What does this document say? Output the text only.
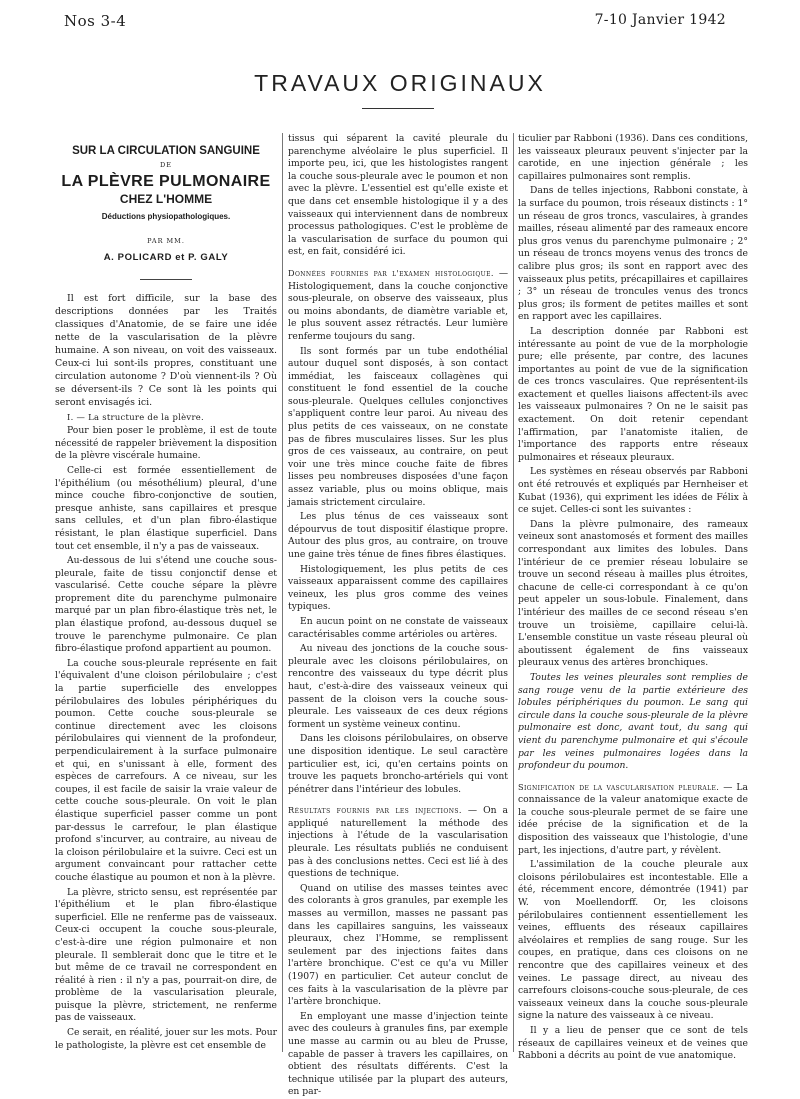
Nos 3-4	7-10 Janvier 1942
TRAVAUX ORIGINAUX
SUR LA CIRCULATION SANGUINE
DE
LA PLÈVRE PULMONAIRE
CHEZ L'HOMME
Déductions physiopathologiques.
PAR MM.
A. POLICARD et P. GALY

Il est fort difficile, sur la base des descriptions données par les Traités classiques d'Anatomie, de se faire une idée nette de la vascularisation de la plèvre humaine. A son niveau, on voit des vaisseaux. Ceux-ci lui sont-ils propres, constituant une circulation autonome ? D'où viennent-ils ? Où se déversent-ils ? Ce sont là les points qui seront envisagés ici.

I. — La structure de la plèvre.

Pour bien poser le problème, il est de toute nécessité de rappeler brièvement la disposition de la plèvre viscérale humaine.

Celle-ci est formée essentiellement de l'épithélium (ou mésothélium) pleural, d'une mince couche fibro-conjonctive de soutien, presque anhiste, sans capillaires et presque sans cellules, et d'un plan fibro-élastique résistant, le plan élastique superficiel. Dans tout cet ensemble, il n'y a pas de vaisseaux.

Au-dessous de lui s'étend une couche sous-pleurale, faite de tissu conjonctif dense et vascularisé. Cette couche sépare la plèvre proprement dite du parenchyme pulmonaire marqué par un plan fibro-élastique très net, le plan élastique profond, au-dessous duquel se trouve le parenchyme pulmonaire. Ce plan fibro-élastique profond appartient au poumon.

La couche sous-pleurale représente en fait l'équivalent d'une cloison périlobulaire ; c'est la partie superficielle des enveloppes périlobulaires des lobules périphériques du poumon. Cette couche sous-pleurale se continue directement avec les cloisons périlobulaires qui viennent de la profondeur, perpendiculairement à la surface pulmonaire et qui, en s'unissant à elle, forment des espèces de carrefours. A ce niveau, sur les coupes, il est facile de saisir la vraie valeur de cette couche sous-pleurale. On voit le plan élastique superficiel passer comme un pont par-dessus le carrefour, le plan élastique profond s'incurver, au contraire, au niveau de la cloison périlobulaire et la suivre. Ceci est un argument convaincant pour rattacher cette couche élastique au poumon et non à la plèvre.

La plèvre, stricto sensu, est représentée par l'épithélium et le plan fibro-élastique superficiel. Elle ne renferme pas de vaisseaux. Ceux-ci occupent la couche sous-pleurale, c'est-à-dire une région pulmonaire et non pleurale. Il semblerait donc que le titre et le but même de ce travail ne correspondent en réalité à rien : il n'y a pas, pourrait-on dire, de problème de la vascularisation pleurale, puisque la plèvre, strictement, ne renferme pas de vaisseaux.

Ce serait, en réalité, jouer sur les mots. Pour le pathologiste, la plèvre est cet ensemble de

tissus qui séparent la cavité pleurale du parenchyme alvéolaire le plus superficiel. Il importe peu, ici, que les histologistes rangent la couche sous-pleurale avec le poumon et non avec la plèvre. L'essentiel est qu'elle existe et que dans cet ensemble histologique il y a des vaisseaux qui interviennent dans de nombreux processus pathologiques. C'est le problème de la vascularisation de surface du poumon qui est, en fait, considéré ici.

Données fournies par l'examen histologique. — Histologiquement, dans la couche conjonctive sous-pleurale, on observe des vaisseaux, plus ou moins abondants, de diamètre variable et, le plus souvent assez rétractés. Leur lumière renferme toujours du sang.

Ils sont formés par un tube endothélial autour duquel sont disposés, à son contact immédiat, les faisceaux collagènes qui constituent le fond essentiel de la couche sous-pleurale. Quelques cellules conjonctives s'appliquent contre leur paroi. Au niveau des plus petits de ces vaisseaux, on ne constate pas de fibres musculaires lisses. Sur les plus gros de ces vaisseaux, au contraire, on peut voir une très mince couche faite de fibres lisses peu nombreuses disposées d'une façon assez variable, plus ou moins oblique, mais jamais strictement circulaire.

Les plus ténus de ces vaisseaux sont dépourvus de tout dispositif élastique propre. Autour des plus gros, au contraire, on trouve une gaine très ténue de fines fibres élastiques.

Histologiquement, les plus petits de ces vaisseaux apparaissent comme des capillaires veineux, les plus gros comme des veines typiques.

En aucun point on ne constate de vaisseaux caractérisables comme artérioles ou artères.

Au niveau des jonctions de la couche sous-pleurale avec les cloisons périlobulaires, on rencontre des vaisseaux du type décrit plus haut, c'est-à-dire des vaisseaux veineux qui passent de la cloison vers la couche sous-pleurale. Les vaisseaux de ces deux régions forment un système veineux continu.

Dans les cloisons périlobulaires, on observe une disposition identique. Le seul caractère particulier est, ici, qu'en certains points on trouve les paquets broncho-artériels qui vont pénétrer dans l'intérieur des lobules.

Résultats fournis par les injections. — On a appliqué naturellement la méthode des injections à l'étude de la vascularisation pleurale. Les résultats publiés ne conduisent pas à des conclusions nettes. Ceci est lié à des questions de technique.

Quand on utilise des masses teintes avec des colorants à gros granules, par exemple les masses au vermillon, masses ne passant pas dans les capillaires sanguins, les vaisseaux pleuraux, chez l'Homme, se remplissent seulement par des injections faites dans l'artère bronchique. C'est ce qu'a vu Miller (1907) en particulier. Cet auteur conclut de ces faits à la vascularisation de la plèvre par l'artère bronchique.

En employant une masse d'injection teinte avec des couleurs à granules fins, par exemple une masse au carmin ou au bleu de Prusse, capable de passer à travers les capillaires, on obtient des résultats différents. C'est la technique utilisée par la plupart des auteurs, en par-

ticulier par Rabboni (1936). Dans ces conditions, les vaisseaux pleuraux peuvent s'injecter par la carotide, en une injection générale ; les capillaires pulmonaires sont remplis.

Dans de telles injections, Rabboni constate, à la surface du poumon, trois réseaux distincts : 1° un réseau de gros troncs, vasculaires, à grandes mailles, réseau alimenté par des rameaux encore plus gros venus du parenchyme pulmonaire ; 2° un réseau de troncs moyens venus des troncs de calibre plus gros; ils sont en rapport avec des vaisseaux plus petits, précapillaires et capillaires ; 3° un réseau de troncules venus des troncs plus gros; ils forment de petites mailles et sont en rapport avec les capillaires.

La description donnée par Rabboni est intéressante au point de vue de la morphologie pure; elle présente, par contre, des lacunes importantes au point de vue de la signification de ces troncs vasculaires. Que représentent-ils exactement et quelles liaisons affectent-ils avec les vaisseaux pulmonaires ? On ne le saisit pas exactement. On doit retenir cependant l'affirmation, par l'anatomiste italien, de l'importance des rapports entre réseaux pulmonaires et réseaux pleuraux.

Les systèmes en réseau observés par Rabboni ont été retrouvés et expliqués par Hernheiser et Kubat (1936), qui expriment les idées de Félix à ce sujet. Celles-ci sont les suivantes :

Dans la plèvre pulmonaire, des rameaux veineux sont anastomosés et forment des mailles correspondant aux limites des lobules. Dans l'intérieur de ce premier réseau lobulaire se trouve un second réseau à mailles plus étroites, chacune de celle-ci correspondant à ce qu'on peut appeler un sous-lobule. Finalement, dans l'intérieur des mailles de ce second réseau s'en trouve un troisième, capillaire celui-là. L'ensemble constitue un vaste réseau pleural où aboutissent également de fins vaisseaux pleuraux venus des artères bronchiques.

Toutes les veines pleurales sont remplies de sang rouge venu de la partie extérieure des lobules périphériques du poumon. Le sang qui circule dans la couche sous-pleurale de la plèvre pulmonaire est donc, avant tout, du sang qui vient du parenchyme pulmonaire et qui s'écoule par les veines pulmonaires logées dans la profondeur du poumon.

Signification de la vascularisation pleurale. — La connaissance de la valeur anatomique exacte de la couche sous-pleurale permet de se faire une idée précise de la signification et de la disposition des vaisseaux que l'histologie, d'une part, les injections, d'autre part, y révèlent.

L'assimilation de la couche pleurale aux cloisons périlobulaires est incontestable. Elle a été, récemment encore, démontrée (1941) par W. von Moellendorff. Or, les cloisons périlobulaires contiennent essentiellement les veines, effluents des réseaux capillaires alvéolaires et remplies de sang rouge. Sur les coupes, en pratique, dans ces cloisons on ne rencontre que des capillaires veineux et des veines. Le passage direct, au niveau des carrefours cloisons-couche sous-pleurale, de ces vaisseaux veineux dans la couche sous-pleurale signe la nature des vaisseaux à ce niveau.

Il y a lieu de penser que ce sont de tels réseaux de capillaires veineux et de veines que Rabboni a décrits au point de vue anatomique.
